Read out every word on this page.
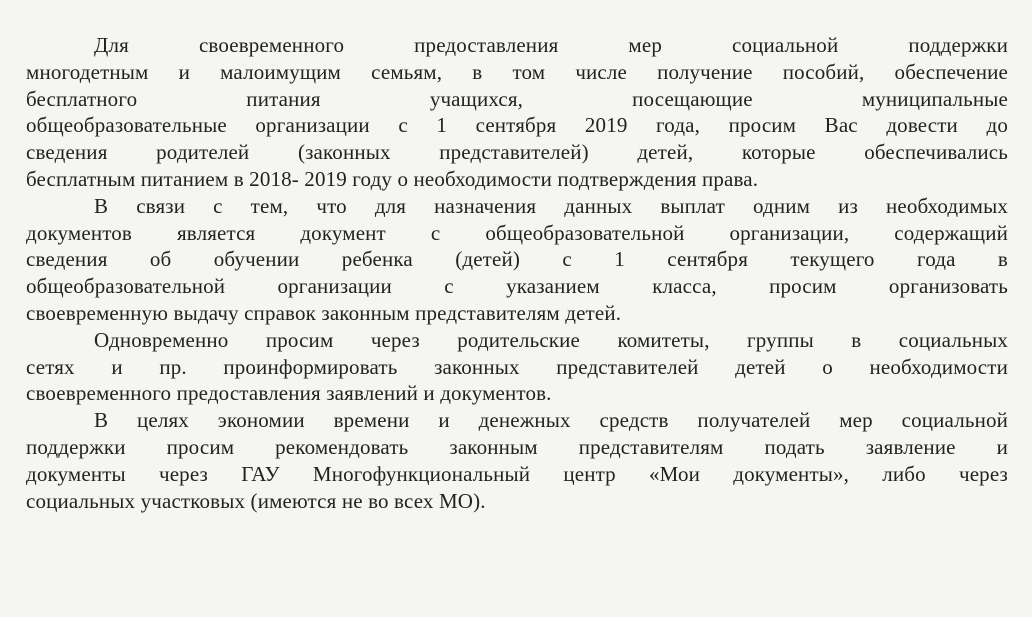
Для своевременного предоставления мер социальной поддержки
многодетным и малоимущим семьям, в том числе получение пособий, обеспечение
бесплатного питания учащихся, посещающие муниципальные
общеобразовательные организации с 1 сентября 2019 года, просим Вас довести до
сведения родителей (законных представителей) детей, которые обеспечивались
бесплатным питанием в 2018- 2019 году о необходимости подтверждения права.
В связи с тем, что для назначения данных выплат одним из необходимых
документов является документ с общеобразовательной организации, содержащий
сведения об обучении ребенка (детей) с 1 сентября текущего года в
общеобразовательной организации с указанием класса, просим организовать
своевременную выдачу справок законным представителям детей.
Одновременно просим через родительские комитеты, группы в социальных
сетях и пр. проинформировать законных представителей детей о необходимости
своевременного предоставления заявлений и документов.
В целях экономии времени и денежных средств получателей мер социальной
поддержки просим рекомендовать законным представителям подать заявление и
документы через ГАУ Многофункциональный центр «Мои документы», либо через
социальных участковых (имеются не во всех МО).
